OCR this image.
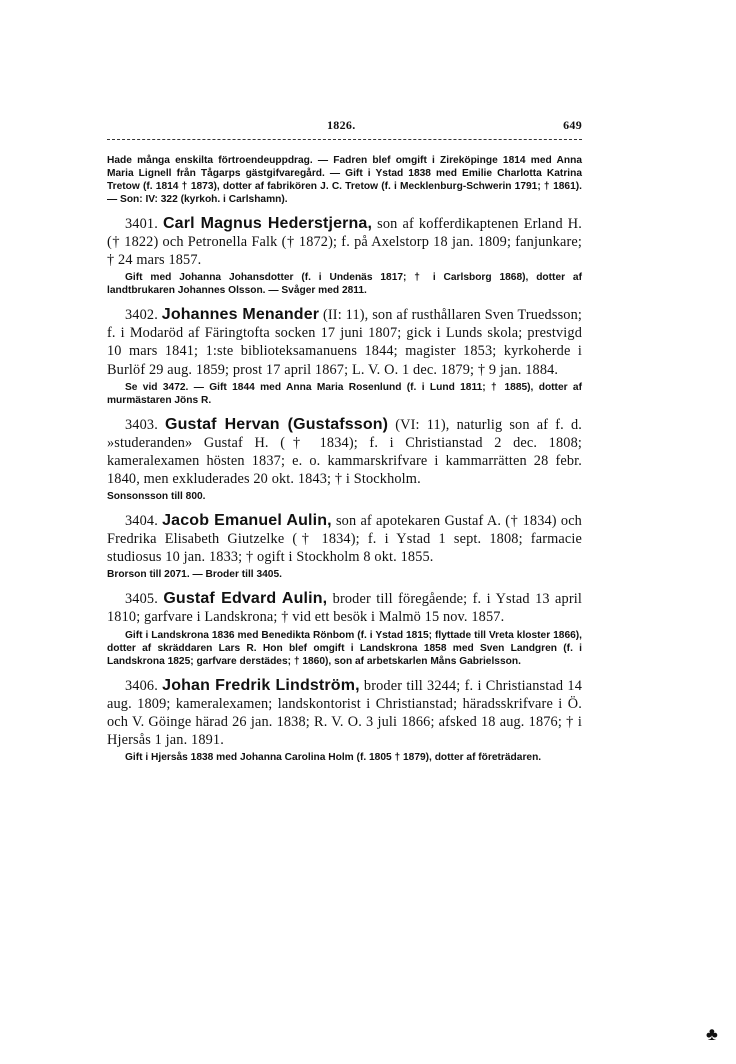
1826.	649

Hade många enskilta förtroendeuppdrag. — Fadren blef omgift i Zireköpinge 1814 med Anna Maria Lignell från Tågarps gästgifvaregård. — Gift i Ystad 1838 med Emilie Charlotta Katrina Tretow (f. 1814 † 1873), dotter af fabrikören J. C. Tretow (f. i Mecklenburg-Schwerin 1791; † 1861). — Son: IV: 322 (kyrkoh. i Carlshamn).

3401. Carl Magnus Hederstjerna, son af kofferdikaptenen Erland H. († 1822) och Petronella Falk († 1872); f. på Axelstorp 18 jan. 1809; fanjunkare; † 24 mars 1857.

Gift med Johanna Johansdotter (f. i Undenäs 1817; † i Carlsborg 1868), dotter af landtbrukaren Johannes Olsson. — Svåger med 2811.

3402. Johannes Menander (II: 11), son af rusthållaren Sven Truedsson; f. i Modaröd af Färingtofta socken 17 juni 1807; gick i Lunds skola; prestvigd 10 mars 1841; 1:ste biblioteksamanuens 1844; magister 1853; kyrkoherde i Burlöf 29 aug. 1859; prost 17 april 1867; L. V. O. 1 dec. 1879; † 9 jan. 1884.

Se vid 3472. — Gift 1844 med Anna Maria Rosenlund (f. i Lund 1811; † 1885), dotter af murmästaren Jöns R.

3403. Gustaf Hervan (Gustafsson) (VI: 11), naturlig son af f. d. »studeranden» Gustaf H. († 1834); f. i Christianstad 2 dec. 1808; kameralexamen hösten 1837; e. o. kammarskrifvare i kammarrätten 28 febr. 1840, men exkluderades 20 okt. 1843; † i Stockholm.

Sonsonsson till 800.

3404. Jacob Emanuel Aulin, son af apotekaren Gustaf A. († 1834) och Fredrika Elisabeth Giutzelke († 1834); f. i Ystad 1 sept. 1808; farmacie studiosus 10 jan. 1833; † ogift i Stockholm 8 okt. 1855.

Brorson till 2071. — Broder till 3405.

3405. Gustaf Edvard Aulin, broder till föregående; f. i Ystad 13 april 1810; garfvare i Landskrona; † vid ett besök i Malmö 15 nov. 1857.

Gift i Landskrona 1836 med Benedikta Rönbom (f. i Ystad 1815; flyttade till Vreta kloster 1866), dotter af skräddaren Lars R. Hon blef omgift i Landskrona 1858 med Sven Landgren (f. i Landskrona 1825; garfvare derstädes; † 1860), son af arbetskarlen Måns Gabrielsson.

3406. Johan Fredrik Lindström, broder till 3244; f. i Christianstad 14 aug. 1809; kameralexamen; landskontorist i Christianstad; häradsskrifvare i Ö. och V. Göinge härad 26 jan. 1838; R. V. O. 3 juli 1866; afsked 18 aug. 1876; † i Hjersås 1 jan. 1891.

Gift i Hjersås 1838 med Johanna Carolina Holm (f. 1805 † 1879), dotter af företrädaren.

♣
